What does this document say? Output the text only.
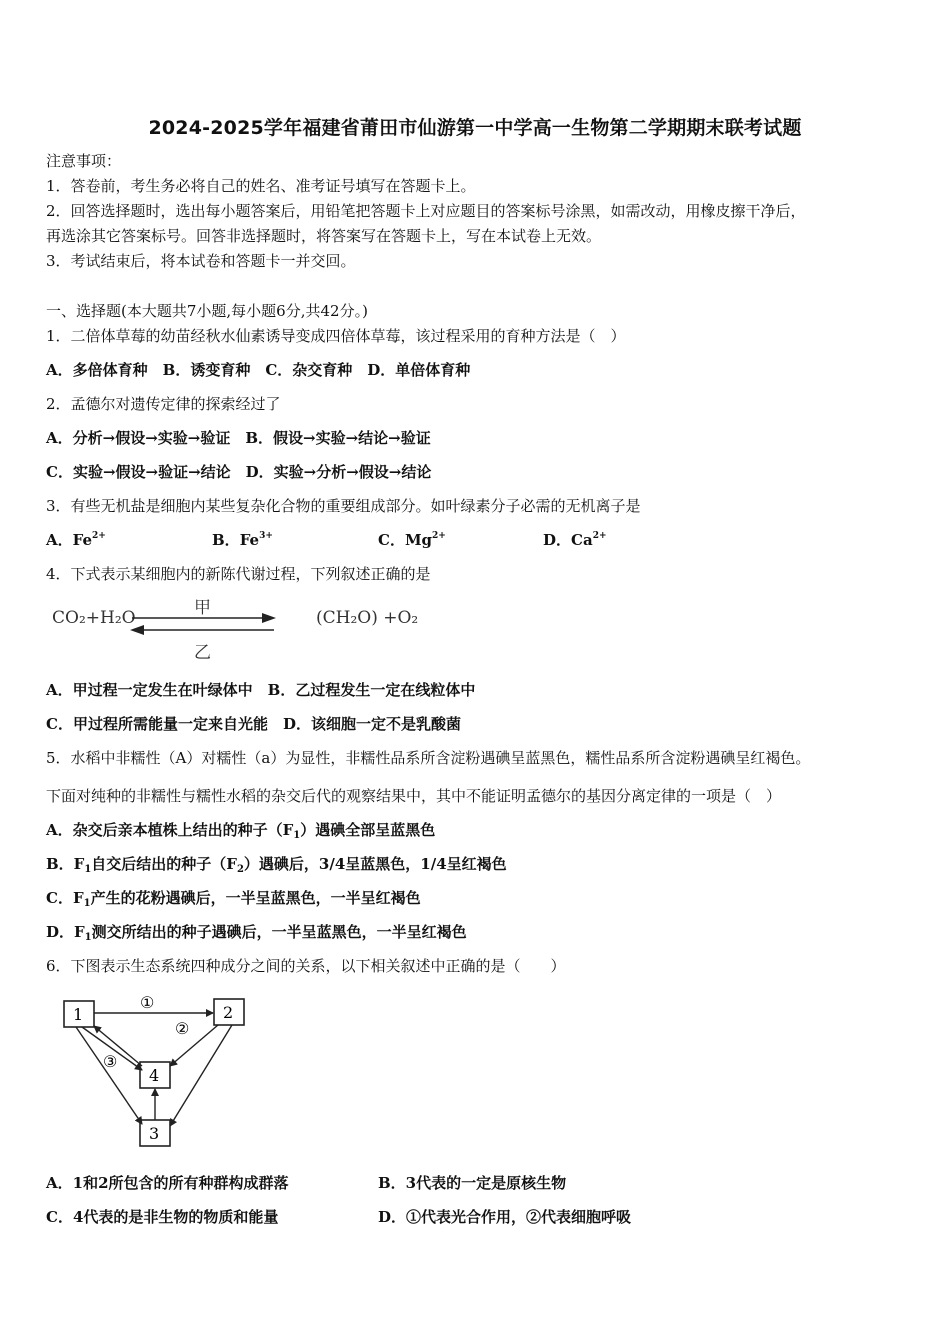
2024-2025学年福建省莆田市仙游第一中学高一生物第二学期期末联考试题
注意事项：
1．答卷前，考生务必将自己的姓名、准考证号填写在答题卡上。
2．回答选择题时，选出每小题答案后，用铅笔把答题卡上对应题目的答案标号涂黑，如需改动，用橡皮擦干净后，
再选涂其它答案标号。回答非选择题时，将答案写在答题卡上，写在本试卷上无效。
3．考试结束后，将本试卷和答题卡一并交回。
一、选择题(本大题共7小题,每小题6分,共42分。)
1．二倍体草莓的幼苗经秋水仙素诱导变成四倍体草莓，该过程采用的育种方法是（　）
A．多倍体育种　B．诱变育种　C．杂交育种　D．单倍体育种
2．孟德尔对遗传定律的探索经过了
A．分析→假设→实验→验证　B．假设→实验→结论→验证
C．实验→假设→验证→结论　D．实验→分析→假设→结论
3．有些无机盐是细胞内某些复杂化合物的重要组成部分。如叶绿素分子必需的无机离子是
A．$Fe^{2+}$	B．$Fe^{3+}$	C．$Mg^{2+}$	D．$Ca^{2+}$
4．下式表示某细胞内的新陈代谢过程，下列叙述正确的是
CO₂+H₂O	甲
乙
(CH₂O) +O₂
A．甲过程一定发生在叶绿体中　B．乙过程发生一定在线粒体中
C．甲过程所需能量一定来自光能　D．该细胞一定不是乳酸菌
5．水稻中非糯性（A）对糯性（a）为显性，非糯性品系所含淀粉遇碘呈蓝黑色，糯性品系所含淀粉遇碘呈红褐色。
下面对纯种的非糯性与糯性水稻的杂交后代的观察结果中，其中不能证明孟德尔的基因分离定律的一项是（　）
A．杂交后亲本植株上结出的种子$(F_1)$遇碘全部呈蓝黑色
B．$F_1$自交后结出的种子$(F_2)$遇碘后，3/4呈蓝黑色，1/4呈红褐色
C．$F_1$产生的花粉遇碘后，一半呈蓝黑色，一半呈红褐色
D．$F_1$测交所结出的种子遇碘后，一半呈蓝黑色，一半呈红褐色
6．下图表示生态系统四种成分之间的关系，以下相关叙述中正确的是（　　）
1	2
4
3
①
②
③
A．1和2所包含的所有种群构成群落	B．3代表的一定是原核生物
C．4代表的是非生物的物质和能量	D．①代表光合作用，②代表细胞呼吸
